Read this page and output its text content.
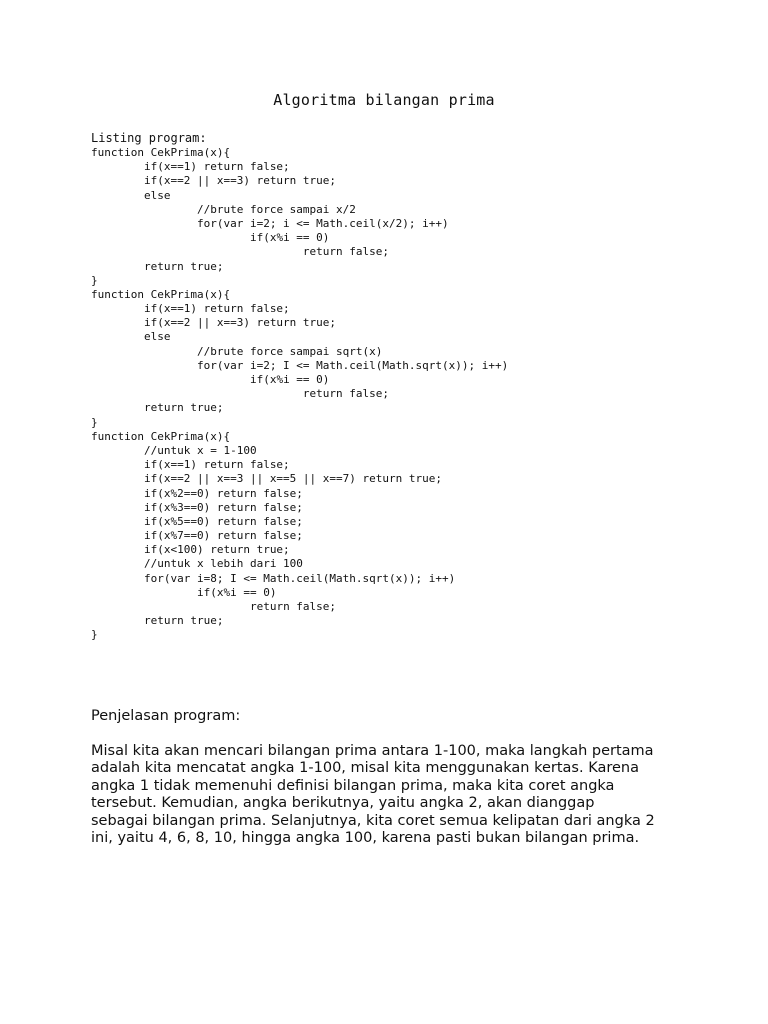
Algoritma bilangan prima
Listing program:
function CekPrima(x){
	if(x==1) return false;
	if(x==2 || x==3) return true;
	else
		//brute force sampai x/2
		for(var i=2; i <= Math.ceil(x/2); i++)
			if(x%i == 0)
				return false;
	return true;
}
function CekPrima(x){
	if(x==1) return false;
	if(x==2 || x==3) return true;
	else
		//brute force sampai sqrt(x)
		for(var i=2; I <= Math.ceil(Math.sqrt(x)); i++)
			if(x%i == 0)
				return false;
	return true;
}
function CekPrima(x){
	//untuk x = 1-100
	if(x==1) return false;
	if(x==2 || x==3 || x==5 || x==7) return true;
	if(x%2==0) return false;
	if(x%3==0) return false;
	if(x%5==0) return false;
	if(x%7==0) return false;
	if(x<100) return true;
	//untuk x lebih dari 100
	for(var i=8; I <= Math.ceil(Math.sqrt(x)); i++)
		if(x%i == 0)
			return false;
	return true;
}
Penjelasan program:
Misal kita akan mencari bilangan prima antara 1-100, maka langkah pertama
adalah kita mencatat angka 1-100, misal kita menggunakan kertas. Karena
angka 1 tidak memenuhi definisi bilangan prima, maka kita coret angka
tersebut. Kemudian, angka berikutnya, yaitu angka 2, akan dianggap
sebagai bilangan prima. Selanjutnya, kita coret semua kelipatan dari angka 2
ini, yaitu 4, 6, 8, 10, hingga angka 100, karena pasti bukan bilangan prima.
